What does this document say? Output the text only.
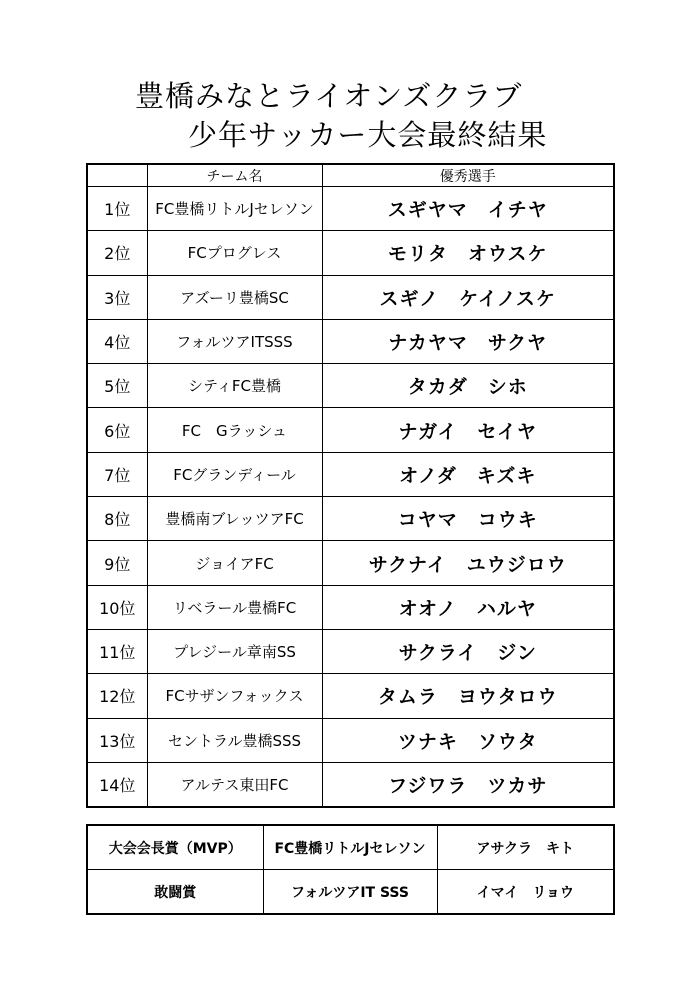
豊橋みなとライオンズクラブ
少年サッカー大会最終結果
	チーム名	優秀選手
1位	FC豊橋リトルJセレソン	スギヤマ　イチヤ
2位	FCプログレス	モリタ　オウスケ
3位	アズーリ豊橋SC	スギノ　ケイノスケ
4位	フォルツアITSSS	ナカヤマ　サクヤ
5位	シティFC豊橋	タカダ　シホ
6位	FC　Gラッシュ	ナガイ　セイヤ
7位	FCグランディール	オノダ　キズキ
8位	豊橋南ブレッツアFC	コヤマ　コウキ
9位	ジョイアFC	サクナイ　ユウジロウ
10位	リベラール豊橋FC	オオノ　ハルヤ
11位	プレジール章南SS	サクライ　ジン
12位	FCサザンフォックス	タムラ　ヨウタロウ
13位	セントラル豊橋SSS	ツナキ　ソウタ
14位	アルテス東田FC	フジワラ　ツカサ
大会会長賞（MVP）	FC豊橋リトルJセレソン	アサクラ　キト
敢闘賞	フォルツアIT SSS	イマイ　リョウ
